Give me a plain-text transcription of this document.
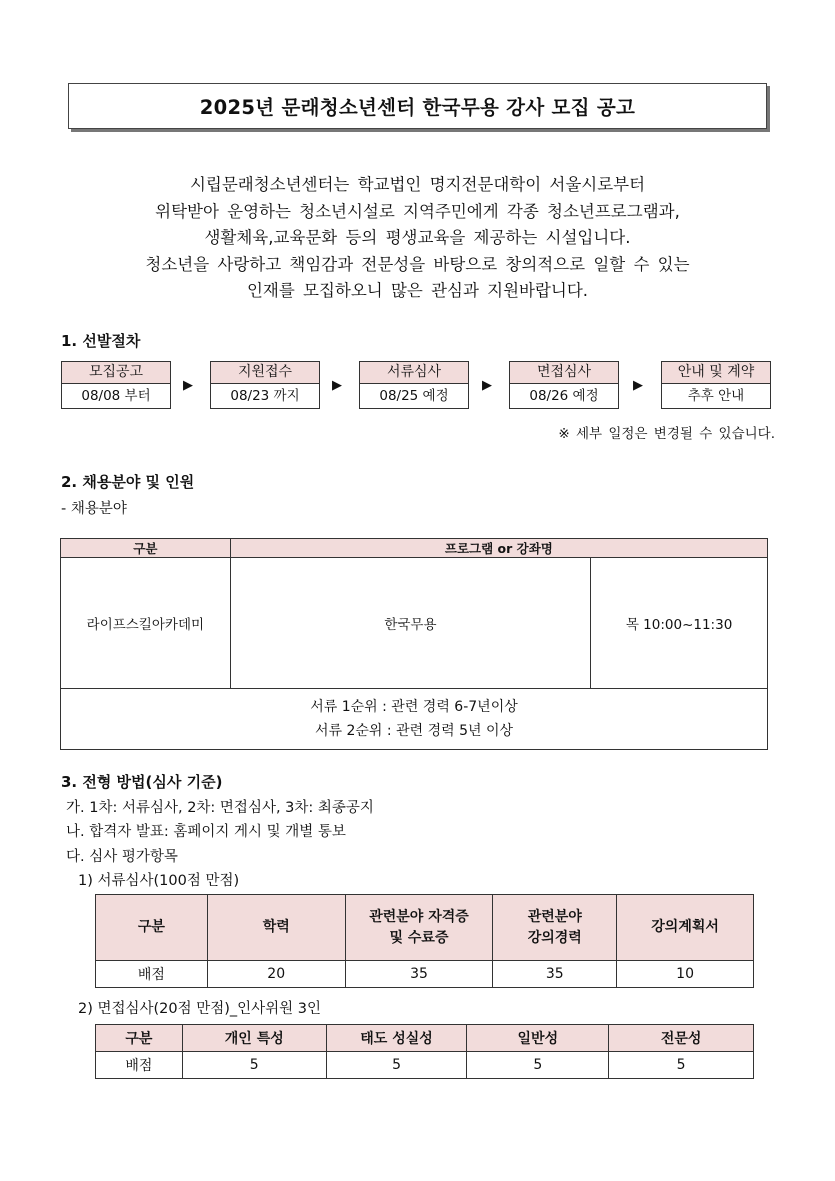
2025년 문래청소년센터 한국무용 강사 모집 공고
시립문래청소년센터는 학교법인 명지전문대학이 서울시로부터
위탁받아 운영하는 청소년시설로 지역주민에게 각종 청소년프로그램과,
생활체육,교육문화 등의 평생교육을 제공하는 시설입니다.
청소년을 사랑하고 책임감과 전문성을 바탕으로 창의적으로 일할 수 있는
인재를 모집하오니 많은 관심과 지원바랍니다.
1. 선발절차
모집공고
08/08 부터
▶
지원접수
08/23 까지
▶
서류심사
08/25 예정
▶
면접심사
08/26 예정
▶
안내 및 계약
추후 안내
※ 세부 일정은 변경될 수 있습니다.
2. 채용분야 및 인원
- 채용분야
구분	프로그램 or 강좌명	
라이프스킬아카데미	한국무용	목 10:00~11:30

서류 1순위 : 관련 경력 6-7년이상
서류 2순위 : 관련 경력 5년 이상		
3. 전형 방법(심사 기준)
가. 1차: 서류심사, 2차: 면접심사, 3차: 최종공지
나. 합격자 발표: 홈페이지 게시 및 개별 통보
다. 심사 평가항목
1) 서류심사(100점 만점)
구분	학력	관련분야 자격증
및 수료증	관련분야
강의경력	강의계획서
배점	20	35	35	10
2) 면접심사(20점 만점)_인사위원 3인
구분	개인 특성	태도 성실성	일반성	전문성
배점	5	5	5	5
